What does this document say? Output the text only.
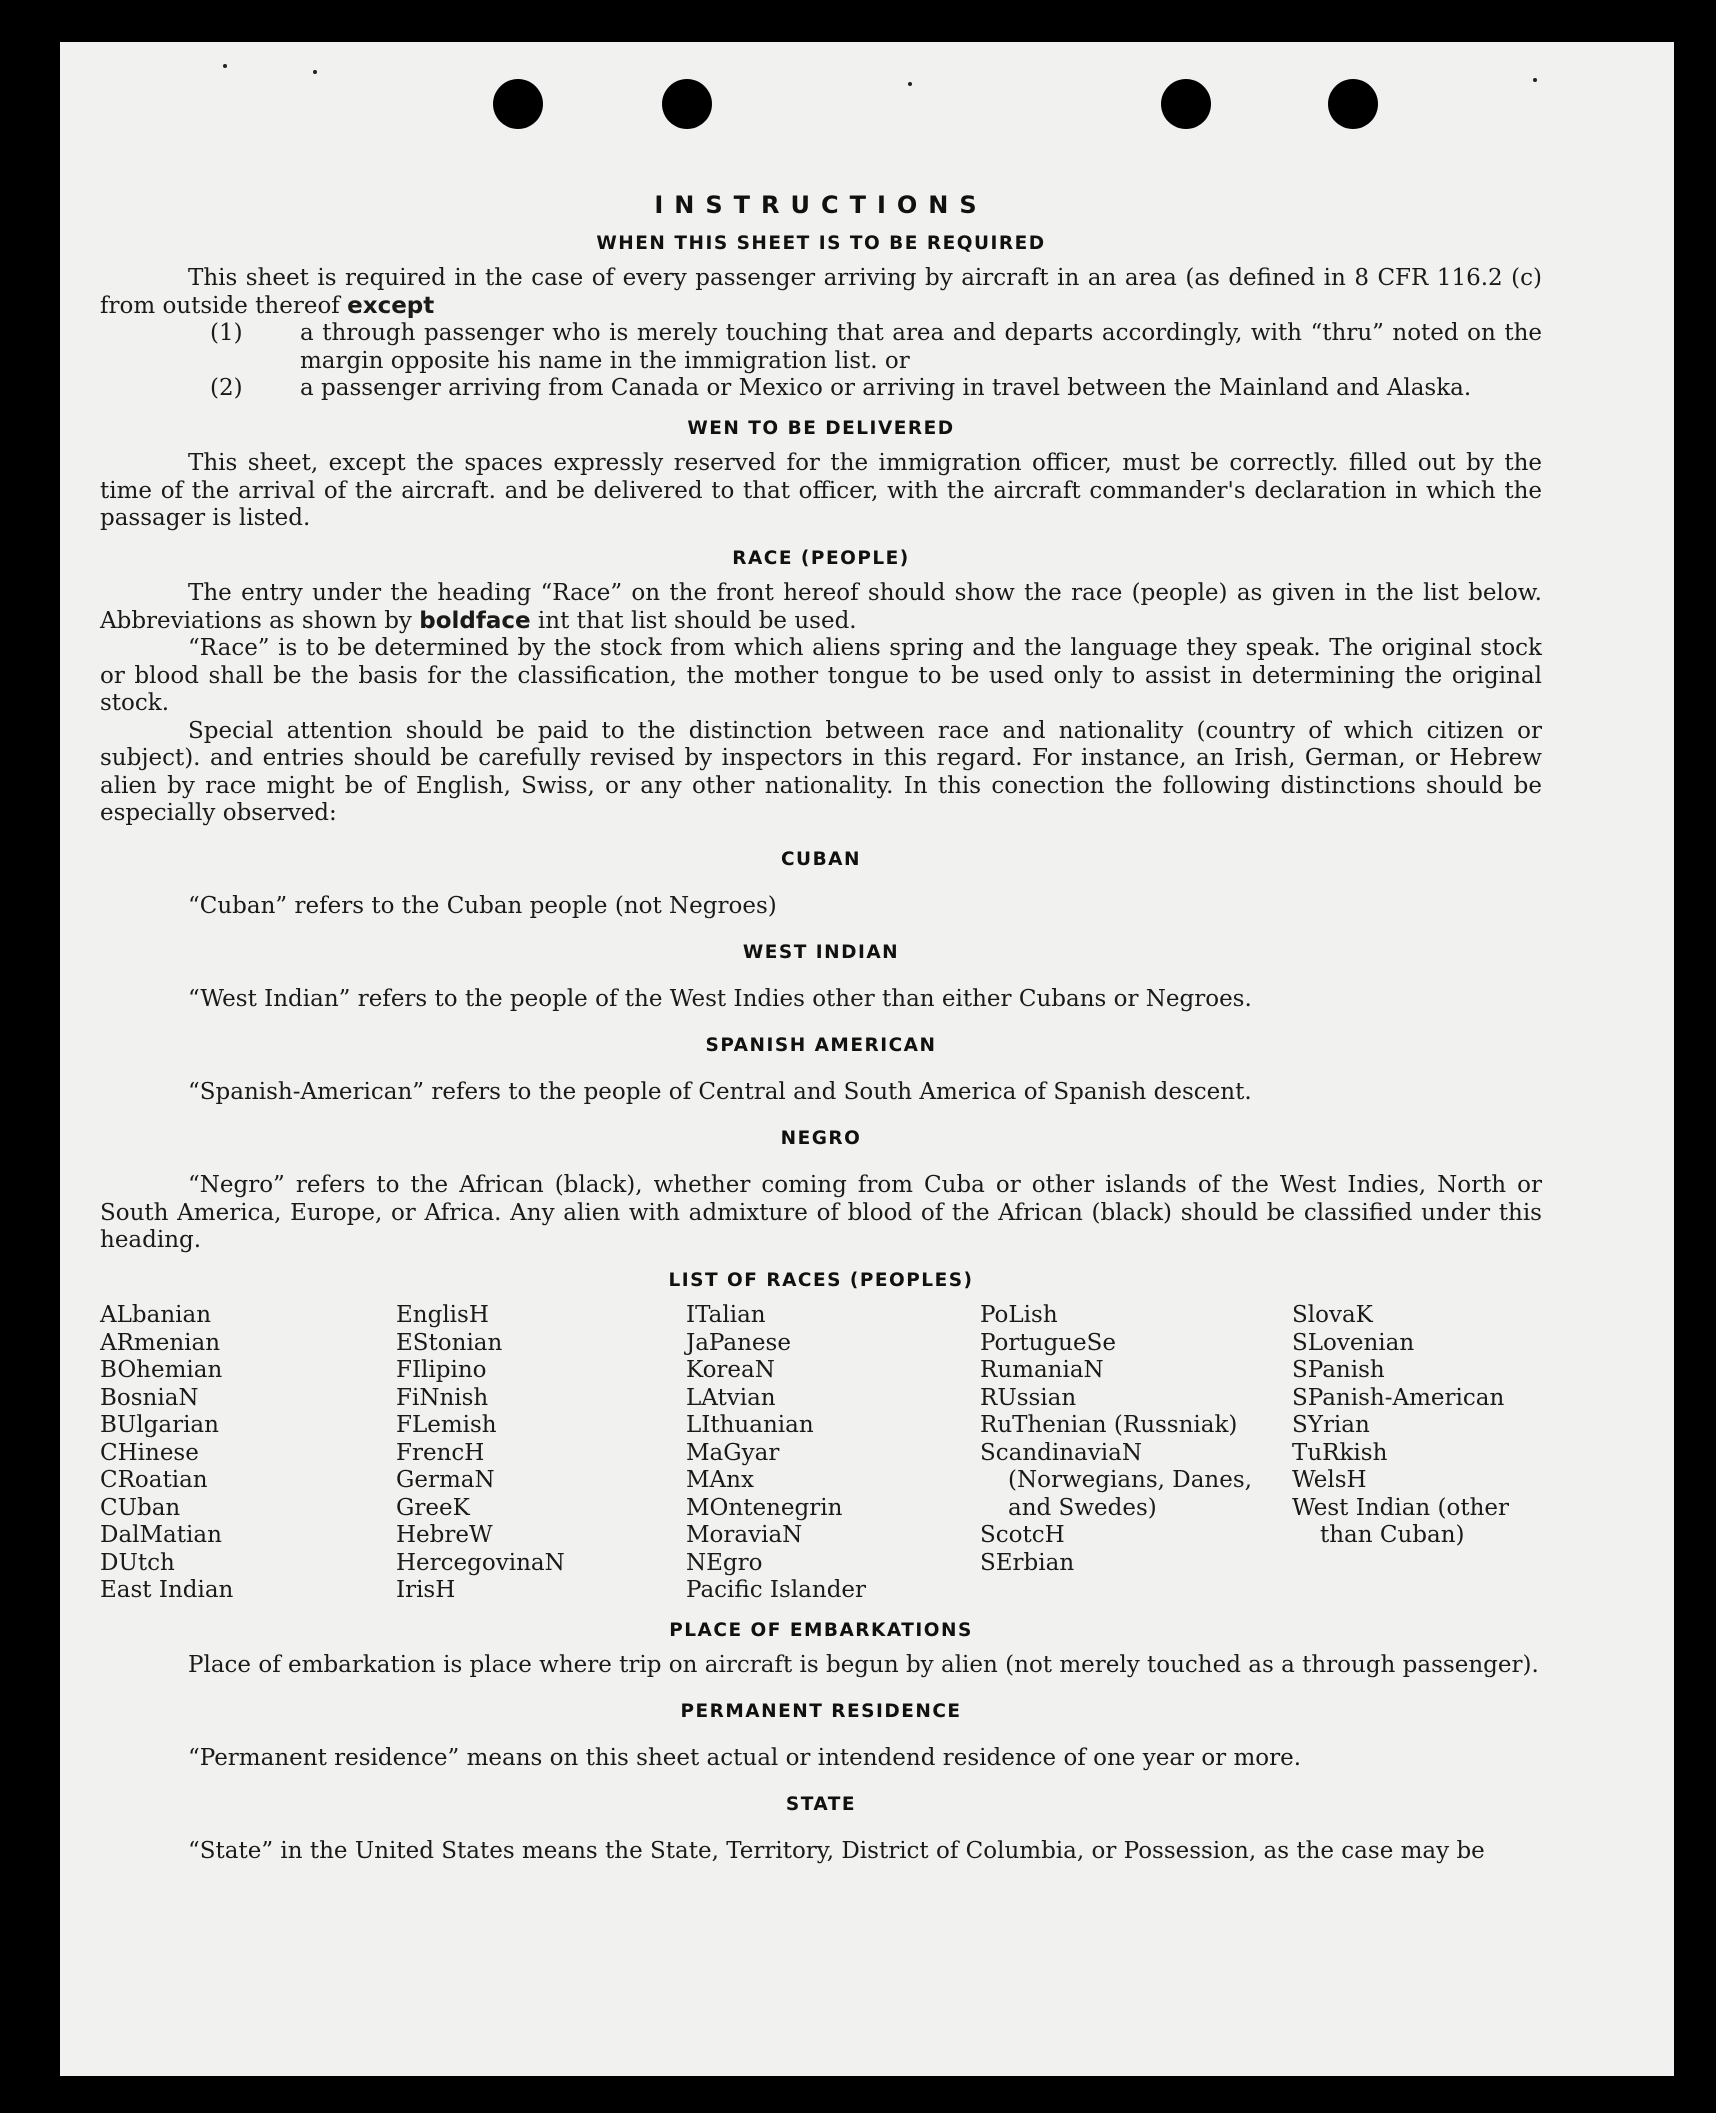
INSTRUCTIONS
WHEN THIS SHEET IS TO BE REQUIRED

This sheet is required in the case of every passenger arriving by aircraft in an area (as defined in 8 CFR 116.2 (c) from outside thereof except

(1) a through passenger who is merely touching that area and departs accordingly, with “thru” noted on the margin opposite his name in the immigration list. or
(2) a passenger arriving from Canada or Mexico or arriving in travel between the Mainland and Alaska.
WEN TO BE DELIVERED

This sheet, except the spaces expressly reserved for the immigration officer, must be correctly. filled out by the time of the arrival of the aircraft. and be delivered to that officer, with the aircraft commander's declaration in which the passager is listed.

RACE (PEOPLE)

The entry under the heading “Race” on the front hereof should show the race (people) as given in the list below. Abbreviations as shown by boldface int that list should be used.

“Race” is to be determined by the stock from which aliens spring and the language they speak. The original stock or blood shall be the basis for the classification, the mother tongue to be used only to assist in determining the original stock.

Special attention should be paid to the distinction between race and nationality (country of which citizen or subject). and entries should be carefully revised by inspectors in this regard. For instance, an Irish, German, or Hebrew alien by race might be of English, Swiss, or any other nationality. In this conection the following distinctions should be especially observed:

CUBAN

“Cuban” refers to the Cuban people (not Negroes)

WEST INDIAN

“West Indian” refers to the people of the West Indies other than either Cubans or Negroes.

SPANISH AMERICAN

“Spanish-American” refers to the people of Central and South America of Spanish descent.

NEGRO

“Negro” refers to the African (black), whether coming from Cuba or other islands of the West Indies, North or South America, Europe, or Africa. Any alien with admixture of blood of the African (black) should be classified under this heading.

LIST OF RACES (PEOPLES)
ALbanian
ARmenian
BOhemian
BosniaN
BUlgarian
CHinese
CRoatian
CUban
DalMatian
DUtch
East Indian
EnglisH
EStonian
FIlipino
FiNnish
FLemish
FrencH
GermaN
GreeK
HebreW
HercegovinaN
IrisH
ITalian
JaPanese
KoreaN
LAtvian
LIthuanian
MaGyar
MAnx
MOntenegrin
MoraviaN
NEgro
Pacific Islander
PoLish
PortugueSe
RumaniaN
RUssian
RuThenian (Russniak)
ScandinaviaN (Norwegians, Danes, and Swedes)
ScotcH
SErbian
SlovaK
SLovenian
SPanish
SPanish-American
SYrian
TuRkish
WelsH
West Indian (other than Cuban)
PLACE OF EMBARKATIONS

Place of embarkation is place where trip on aircraft is begun by alien (not merely touched as a through passenger).

PERMANENT RESIDENCE

“Permanent residence” means on this sheet actual or intendend residence of one year or more.

STATE

“State” in the United States means the State, Territory, District of Columbia, or Possession, as the case may be
